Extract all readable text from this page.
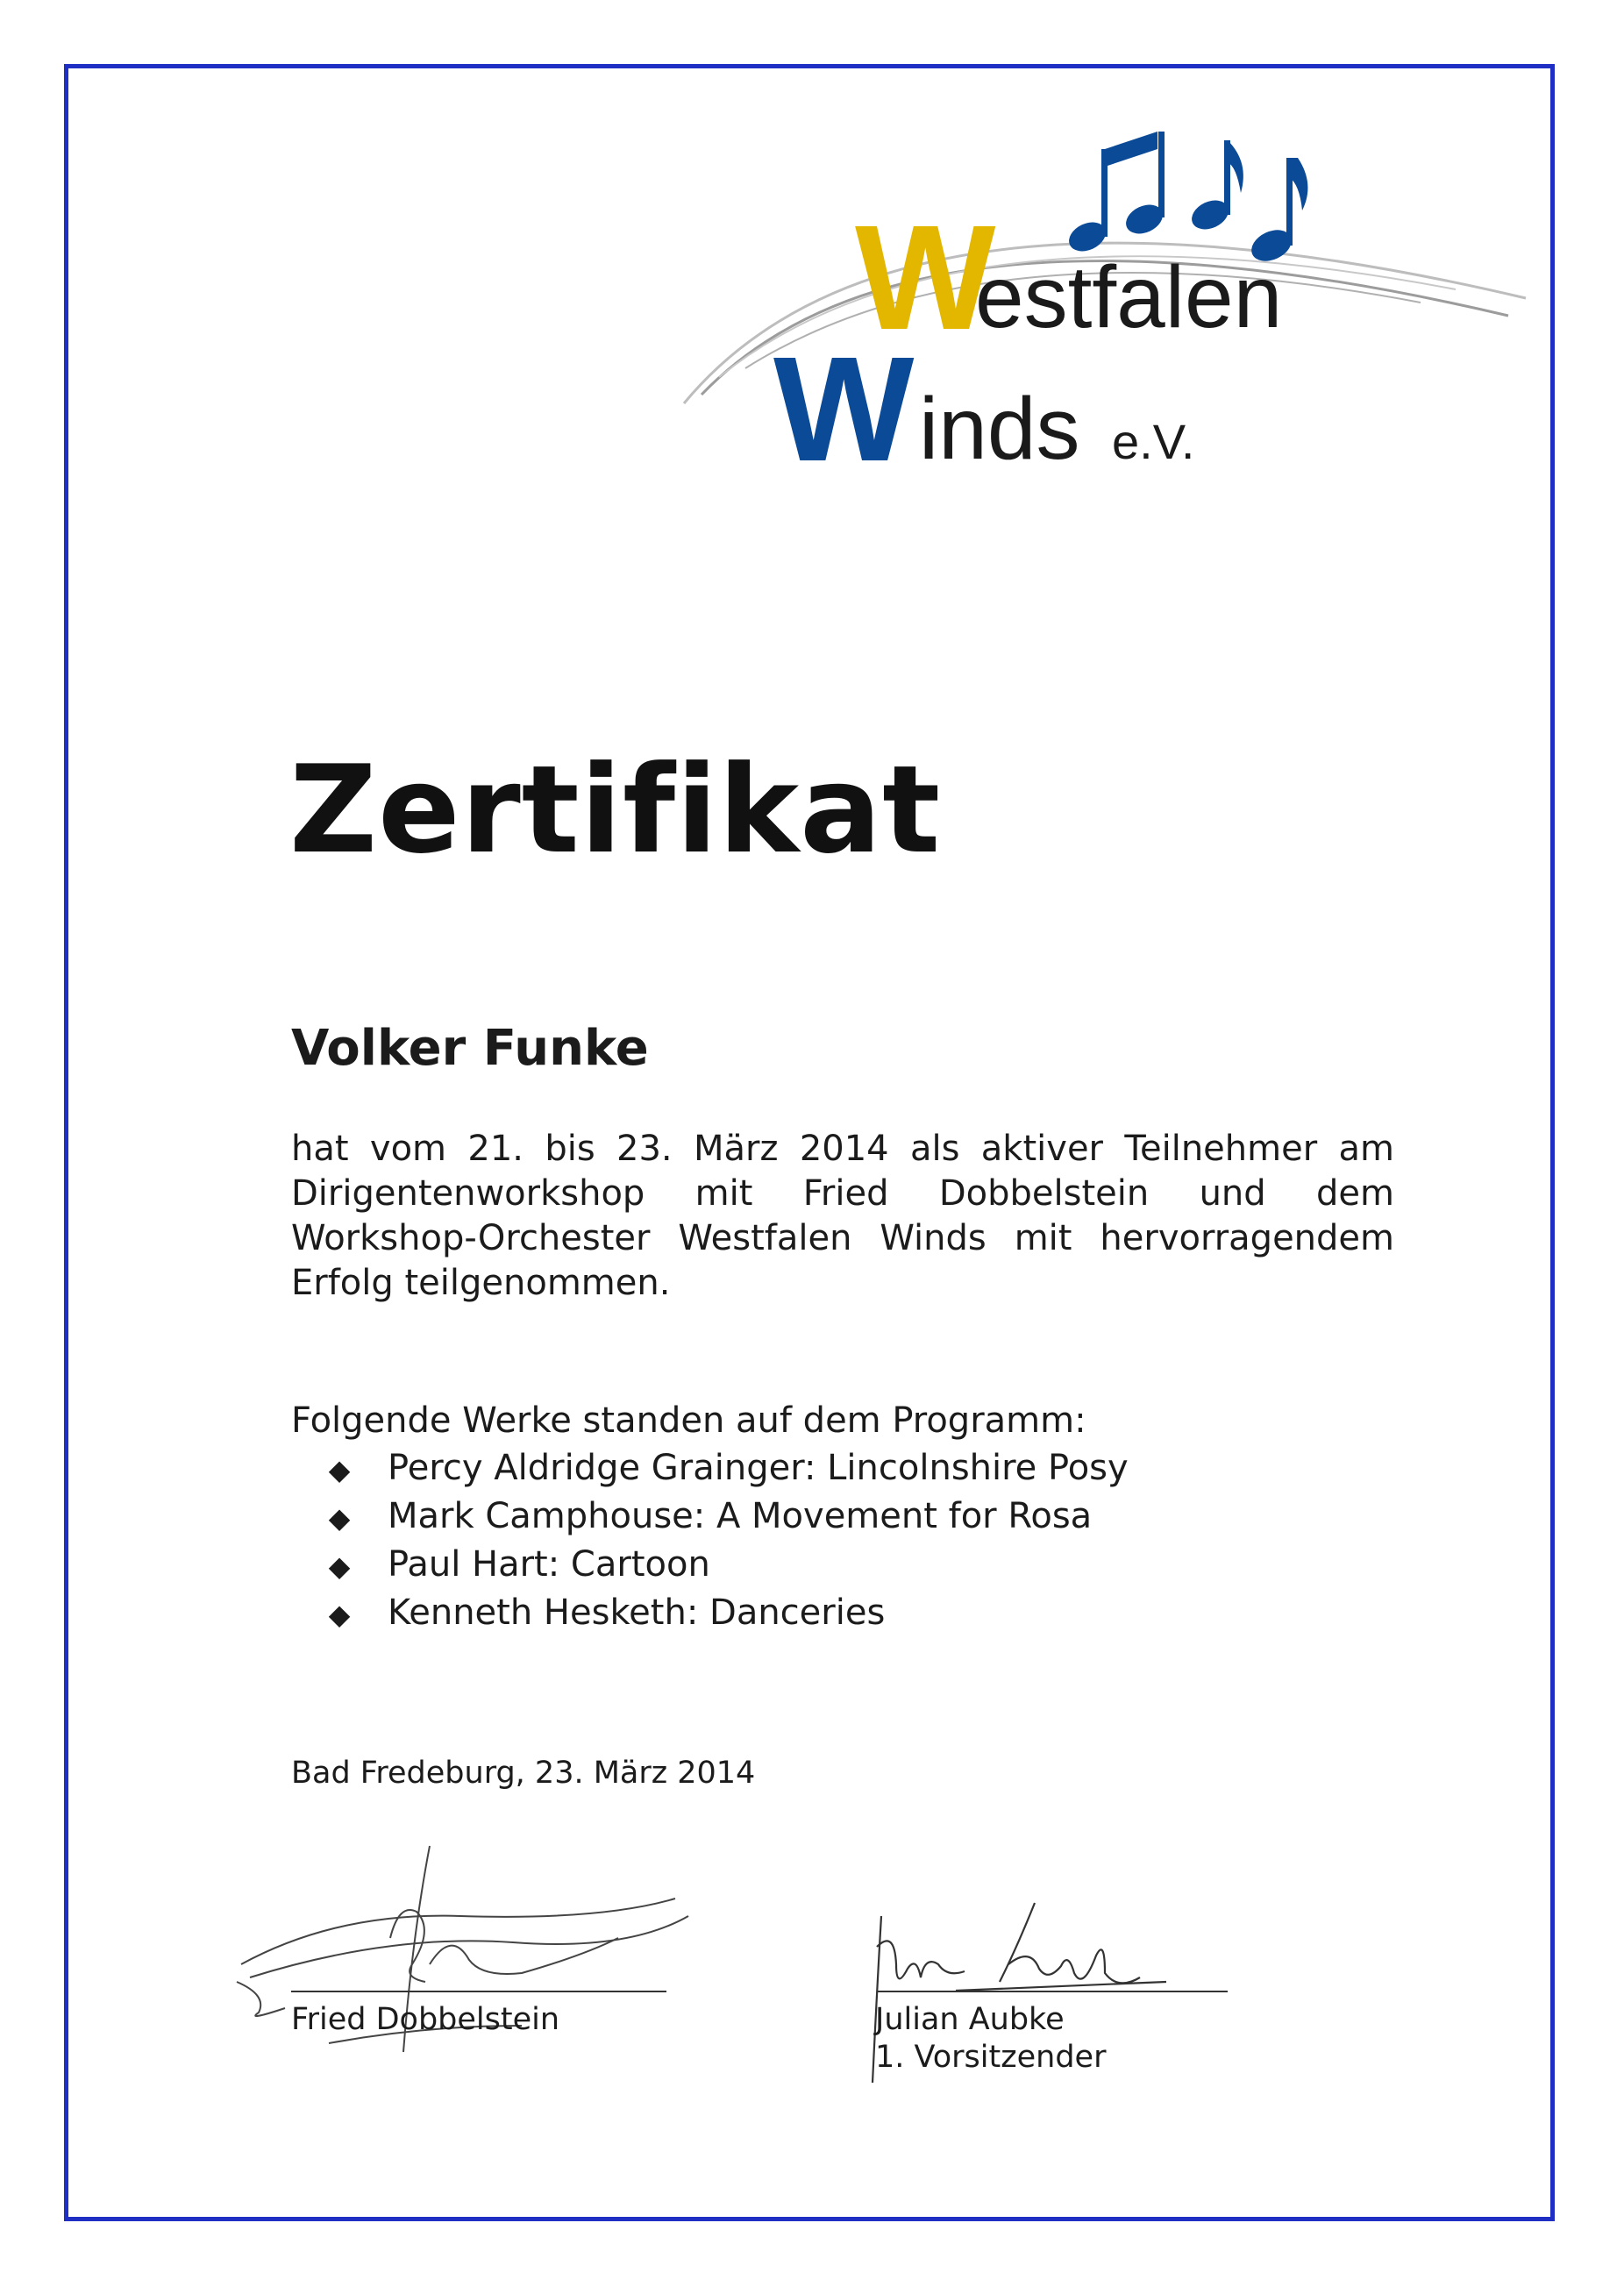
W
estfalen
W inds e.V.
Zertifikat

Volker Funke

hat vom 21. bis 23. März 2014 als aktiver Teilnehmer am Dirigentenworkshop mit Fried Dobbelstein und dem Workshop-Orchester Westfalen Winds mit hervorragendem Erfolg teilgenommen.

Folgende Werke standen auf dem Programm:

◆ Percy Aldridge Grainger: Lincolnshire Posy
◆ Mark Camphouse: A Movement for Rosa
◆ Paul Hart: Cartoon
◆ Kenneth Hesketh: Danceries

Bad Fredeburg, 23. März 2014

Fried Dobbelstein	Julian Aubke

1. Vorsitzender
